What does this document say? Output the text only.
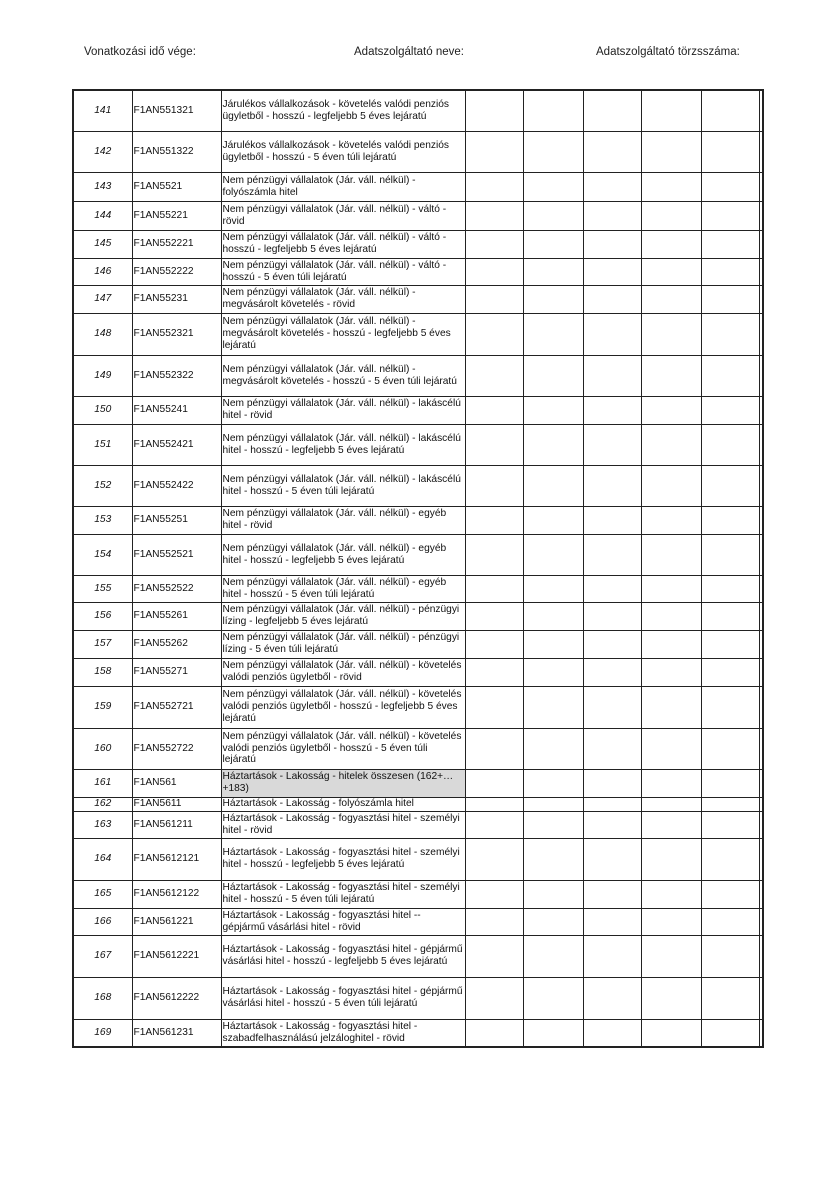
Vonatkozási idő vége:	Adatszolgáltató neve:	Adatszolgáltató törzsszáma:
141	F1AN551321	Járulékos vállalkozások - követelés valódi penziós ügyletből - hosszú - legfeljebb 5 éves lejáratú						
142	F1AN551322	Járulékos vállalkozások - követelés valódi penziós ügyletből - hosszú - 5 éven túli lejáratú						
143	F1AN5521	Nem pénzügyi vállalatok (Jár. váll. nélkül) - folyószámla hitel						
144	F1AN55221	Nem pénzügyi vállalatok (Jár. váll. nélkül) - váltó - rövid						
145	F1AN552221	Nem pénzügyi vállalatok (Jár. váll. nélkül) - váltó - hosszú - legfeljebb 5 éves lejáratú						
146	F1AN552222	Nem pénzügyi vállalatok (Jár. váll. nélkül) - váltó - hosszú - 5 éven túli lejáratú						
147	F1AN55231	Nem pénzügyi vállalatok (Jár. váll. nélkül) - megvásárolt követelés - rövid						
148	F1AN552321	Nem pénzügyi vállalatok (Jár. váll. nélkül) - megvásárolt követelés - hosszú - legfeljebb 5 éves lejáratú						
149	F1AN552322	Nem pénzügyi vállalatok (Jár. váll. nélkül) - megvásárolt követelés - hosszú - 5 éven túli lejáratú						
150	F1AN55241	Nem pénzügyi vállalatok (Jár. váll. nélkül) - lakáscélú hitel - rövid						
151	F1AN552421	Nem pénzügyi vállalatok (Jár. váll. nélkül) - lakáscélú hitel - hosszú - legfeljebb 5 éves lejáratú						
152	F1AN552422	Nem pénzügyi vállalatok (Jár. váll. nélkül) - lakáscélú hitel - hosszú - 5 éven túli lejáratú						
153	F1AN55251	Nem pénzügyi vállalatok (Jár. váll. nélkül) - egyéb hitel - rövid						
154	F1AN552521	Nem pénzügyi vállalatok (Jár. váll. nélkül) - egyéb hitel - hosszú - legfeljebb 5 éves lejáratú						
155	F1AN552522	Nem pénzügyi vállalatok (Jár. váll. nélkül) - egyéb hitel - hosszú - 5 éven túli lejáratú						
156	F1AN55261	Nem pénzügyi vállalatok (Jár. váll. nélkül) - pénzügyi lízing - legfeljebb 5 éves lejáratú						
157	F1AN55262	Nem pénzügyi vállalatok (Jár. váll. nélkül) - pénzügyi lízing - 5 éven túli lejáratú						
158	F1AN55271	Nem pénzügyi vállalatok (Jár. váll. nélkül) - követelés valódi penziós ügyletből - rövid						
159	F1AN552721	Nem pénzügyi vállalatok (Jár. váll. nélkül) - követelés valódi penziós ügyletből - hosszú - legfeljebb 5 éves lejáratú						
160	F1AN552722	Nem pénzügyi vállalatok (Jár. váll. nélkül) - követelés valódi penziós ügyletből - hosszú - 5 éven túli lejáratú						
161	F1AN561	Háztartások - Lakosság - hitelek összesen (162+…+183)						
162	F1AN5611	Háztartások - Lakosság - folyószámla hitel						
163	F1AN561211	Háztartások - Lakosság - fogyasztási hitel - személyi hitel - rövid						
164	F1AN5612121	Háztartások - Lakosság - fogyasztási hitel - személyi hitel - hosszú - legfeljebb 5 éves lejáratú						
165	F1AN5612122	Háztartások - Lakosság - fogyasztási hitel - személyi hitel - hosszú - 5 éven túli lejáratú						
166	F1AN561221	Háztartások - Lakosság - fogyasztási hitel -- gépjármű vásárlási hitel - rövid						
167	F1AN5612221	Háztartások - Lakosság - fogyasztási hitel - gépjármű vásárlási hitel - hosszú - legfeljebb 5 éves lejáratú						
168	F1AN5612222	Háztartások - Lakosság - fogyasztási hitel - gépjármű vásárlási hitel - hosszú - 5 éven túli lejáratú						
169	F1AN561231	Háztartások - Lakosság - fogyasztási hitel - szabadfelhasználású jelzáloghitel - rövid						
